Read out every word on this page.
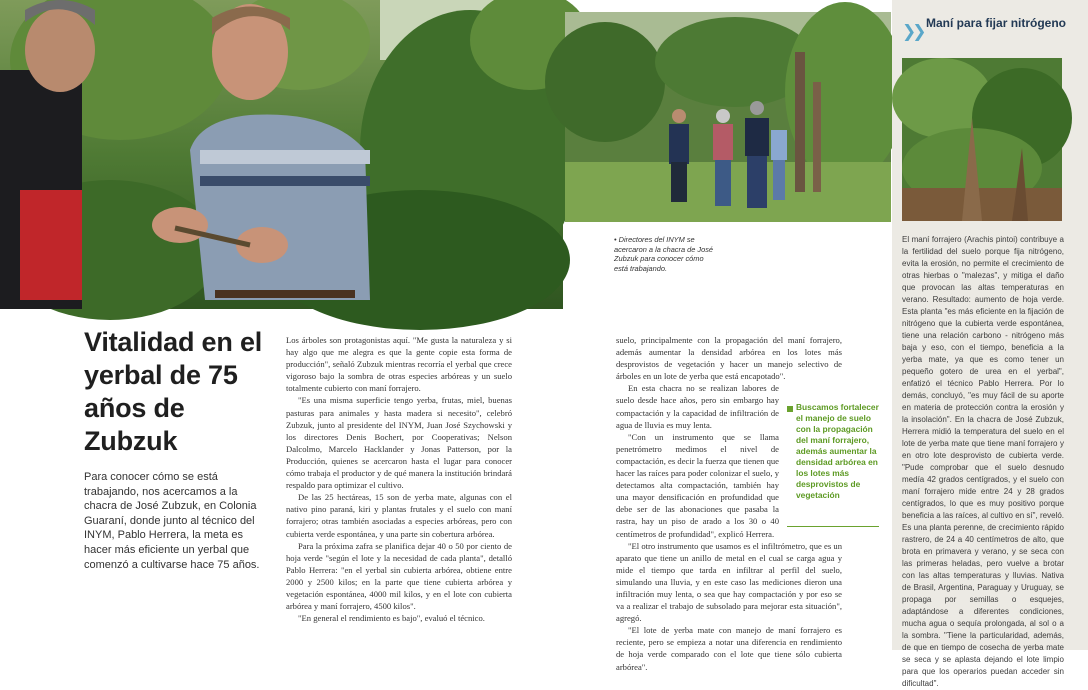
• Directores del INYM se acercaron a la chacra de José Zubzuk para conocer cómo está trabajando.
❯❯ Maní para fijar nitrógeno
El maní forrajero (Arachis pintoi) contribuye a la fertilidad del suelo porque fija nitrógeno, evita la erosión, no permite el crecimiento de otras hierbas o "malezas", y mitiga el daño que provocan las altas temperaturas en verano. Resultado: aumento de hoja verde. Esta planta "es más eficiente en la fijación de nitrógeno que la cubierta verde espontánea, tiene una relación carbono - nitrógeno más baja y eso, con el tiempo, beneficia a la yerba mate, ya que es como tener un pequeño gotero de urea en el yerbal", enfatizó el técnico Pablo Herrera. Por lo demás, concluyó, "es muy fácil de su aporte en materia de protección contra la erosión y la insolación". En la chacra de José Zubzuk, Herrera midió la temperatura del suelo en el lote de yerba mate que tiene maní forrajero y en otro lote desprovisto de cubierta verde. "Pude comprobar que el suelo desnudo medía 42 grados centígrados, y el suelo con maní forrajero mide entre 24 y 28 grados centígrados, lo que es muy positivo porque beneficia a las raíces, al cultivo en sí", reveló. Es una planta perenne, de crecimiento rápido rastrero, de 24 a 40 centímetros de alto, que brota en primavera y verano, y se seca con las primeras heladas, pero vuelve a brotar con las altas temperaturas y lluvias. Nativa de Brasil, Argentina, Paraguay y Uruguay, se propaga por semillas o esquejes, adaptándose a diferentes condiciones, mucha agua o sequía prolongada, al sol o a la sombra. "Tiene la particularidad, además, de que en tiempo de cosecha de yerba mate se seca y se aplasta dejando el lote limpio para que los operarios puedan acceder sin dificultad".
Vitalidad en el yerbal de 75 años de Zubzuk

Para conocer cómo se está trabajando, nos acercamos a la chacra de José Zubzuk, en Colonia Guaraní, donde junto al técnico del INYM, Pablo Herrera, la meta es hacer más eficiente un yerbal que comenzó a cultivarse hace 75 años.

Los árboles son protagonistas aquí. "Me gusta la naturaleza y si hay algo que me alegra es que la gente copie esta forma de producción", señaló Zubzuk mientras recorría el yerbal que crece vigoroso bajo la sombra de otras especies arbóreas y un suelo totalmente cubierto con maní forrajero.

"Es una misma superficie tengo yerba, frutas, miel, buenas pasturas para animales y hasta madera si necesito", celebró Zubzuk, junto al presidente del INYM, Juan José Szychowski y los directores Denis Bochert, por Cooperativas; Nelson Dalcolmo, Marcelo Hacklander y Jonas Patterson, por la Producción, quienes se acercaron hasta el lugar para conocer cómo trabaja el productor y de qué manera la institución brindará respaldo para optimizar el cultivo.

De las 25 hectáreas, 15 son de yerba mate, algunas con el nativo pino paraná, kiri y plantas frutales y el suelo con maní forrajero; otras también asociadas a especies arbóreas, pero con cubierta verde espontánea, y una parte sin cobertura arbórea.

Para la próxima zafra se planifica dejar 40 o 50 por ciento de hoja verde "según el lote y la necesidad de cada planta", detalló Pablo Herrera: "en el yerbal sin cubierta arbórea, obtiene entre 2000 y 2500 kilos; en la parte que tiene cubierta arbórea y vegetación espontánea, 4000 mil kilos, y en el lote con cubierta arbórea y maní forrajero, 4500 kilos".

"En general el rendimiento es bajo", evaluó el técnico.

suelo, principalmente con la propagación del maní forrajero, además aumentar la densidad arbórea en los lotes más desprovistos de vegetación y hacer un manejo selectivo de árboles en un lote de yerba que está encapotado".

En esta chacra no se realizan labores de suelo desde hace años, pero sin embargo hay compactación y la capacidad de infiltración de agua de lluvia es muy lenta.

"Con un instrumento que se llama penetrómetro medimos el nivel de compactación, es decir la fuerza que tienen que hacer las raíces para poder colonizar el suelo, y detectamos alta compactación, también hay una mayor densificación en profundidad que debe ser de las abonaciones que pasaba la rastra, hay un piso de arado a los 30 o 40 centímetros de profundidad", explicó Herrera.

"El otro instrumento que usamos es el infiltrómetro, que es un aparato que tiene un anillo de metal en el cual se carga agua y mide el tiempo que tarda en infiltrar al perfil del suelo, simulando una lluvia, y en este caso las mediciones dieron una infiltración muy lenta, o sea que hay compactación y por eso se va a realizar el trabajo de subsolado para mejorar esta situación", agregó.

"El lote de yerba mate con manejo de maní forrajero es reciente, pero se empieza a notar una diferencia en rendimiento de hoja verde comparado con el lote que tiene sólo cubierta arbórea".

Buscamos fortalecer el manejo de suelo con la propagación del maní forrajero, además aumentar la densidad arbórea en los lotes más desprovistos de vegetación
